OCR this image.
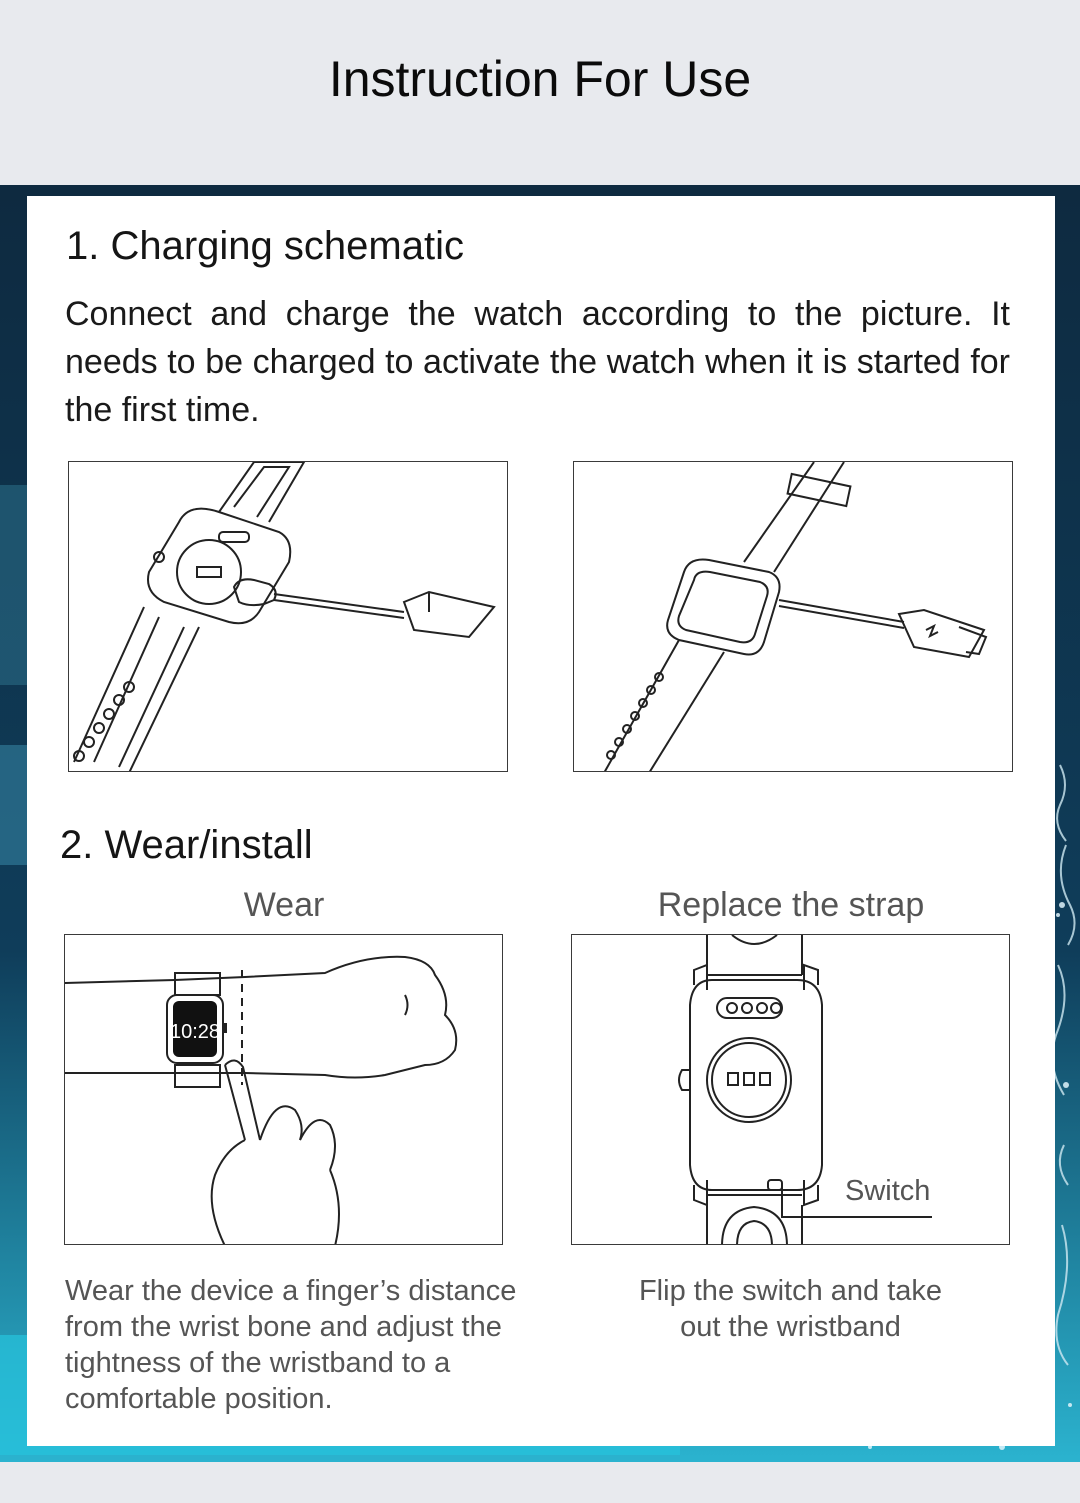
Instruction For Use
1. Charging schematic
Connect and charge the watch according to the picture. It needs to be charged to activate the watch when it is started for the first time.
2. Wear/install
Wear	Replace the strap
10:28
Switch
Wear the device a finger’s distance
from the wrist bone and adjust the
tightness of the wristband to a
comfortable position.
Flip the switch and take
out the wristband
